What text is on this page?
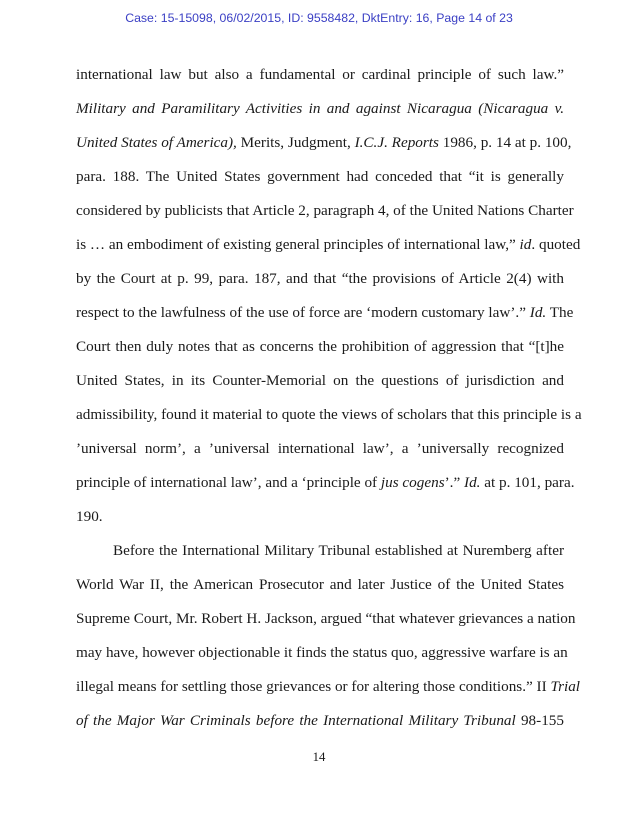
Case: 15-15098, 06/02/2015, ID: 9558482, DktEntry: 16, Page 14 of 23
international law but also a fundamental or cardinal principle of such law.”
Military and Paramilitary Activities in and against Nicaragua (Nicaragua v.
United States of America), Merits, Judgment, I.C.J. Reports 1986, p. 14 at p. 100,
para. 188. The United States government had conceded that “it is generally
considered by publicists that Article 2, paragraph 4, of the United Nations Charter
is … an embodiment of existing general principles of international law,” id. quoted
by the Court at p. 99, para. 187, and that “the provisions of Article 2(4) with
respect to the lawfulness of the use of force are ‘modern customary law’.” Id. The
Court then duly notes that as concerns the prohibition of aggression that “[t]he
United States, in its Counter-Memorial on the questions of jurisdiction and
admissibility, found it material to quote the views of scholars that this principle is a
’universal norm’, a ’universal international law’, a ’universally recognized
principle of international law’, and a ‘principle of jus cogens’.” Id. at p. 101, para.
190.
Before the International Military Tribunal established at Nuremberg after
World War II, the American Prosecutor and later Justice of the United States
Supreme Court, Mr. Robert H. Jackson, argued “that whatever grievances a nation
may have, however objectionable it finds the status quo, aggressive warfare is an
illegal means for settling those grievances or for altering those conditions.” II Trial
of the Major War Criminals before the International Military Tribunal 98-155
14
